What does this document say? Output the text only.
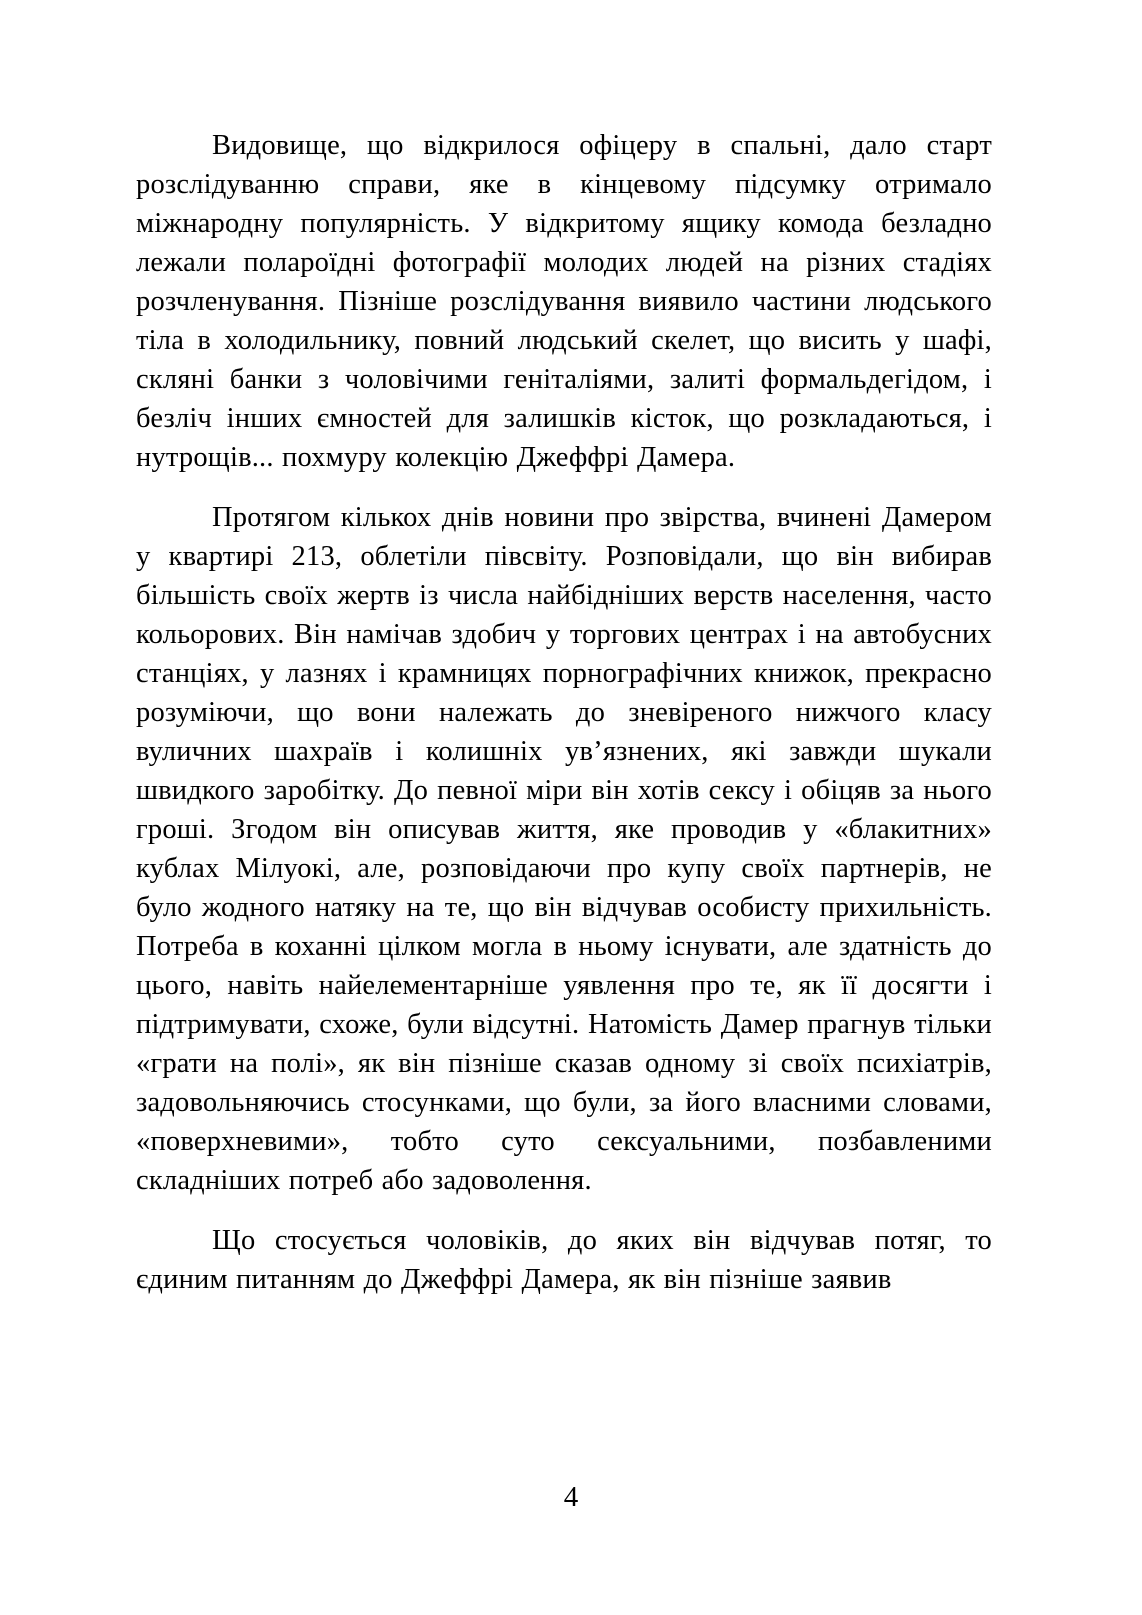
Видовище, що відкрилося офіцеру в спальні, дало старт розслідуванню справи, яке в кінцевому підсумку отримало міжнародну популярність. У відкритому ящику комода безладно лежали полароїдні фотографії молодих людей на різних стадіях розчленування. Пізніше розслідування виявило частини людського тіла в холодильнику, повний людський скелет, що висить у шафі, скляні банки з чоловічими геніталіями, залиті формальдегідом, і безліч інших ємностей для залишків кісток, що розкладаються, і нутрощів... похмуру колекцію Джеффрі Дамера.

Протягом кількох днів новини про звірства, вчинені Дамером у квартирі 213, облетіли півсвіту. Розповідали, що він вибирав більшість своїх жертв із числа найбідніших верств населення, часто кольорових. Він намічав здобич у торгових центрах і на автобусних станціях, у лазнях і крамницях порнографічних книжок, прекрасно розуміючи, що вони належать до зневіреного нижчого класу вуличних шахраїв і колишніх ув’язнених, які завжди шукали швидкого заробітку. До певної міри він хотів сексу і обіцяв за нього гроші. Згодом він описував життя, яке проводив у «блакитних» кублах Мілуокі, але, розповідаючи про купу своїх партнерів, не було жодного натяку на те, що він відчував особисту прихильність. Потреба в коханні цілком могла в ньому існувати, але здатність до цього, навіть найелементарніше уявлення про те, як її досягти і підтримувати, схоже, були відсутні. Натомість Дамер прагнув тільки «грати на полі», як він пізніше сказав одному зі своїх психіатрів, задовольняючись стосунками, що були, за його власними словами, «поверхневими», тобто суто сексуальними, позбавленими складніших потреб або задоволення.

Що стосується чоловіків, до яких він відчував потяг, то єдиним питанням до Джеффрі Дамера, як він пізніше заявив

4
